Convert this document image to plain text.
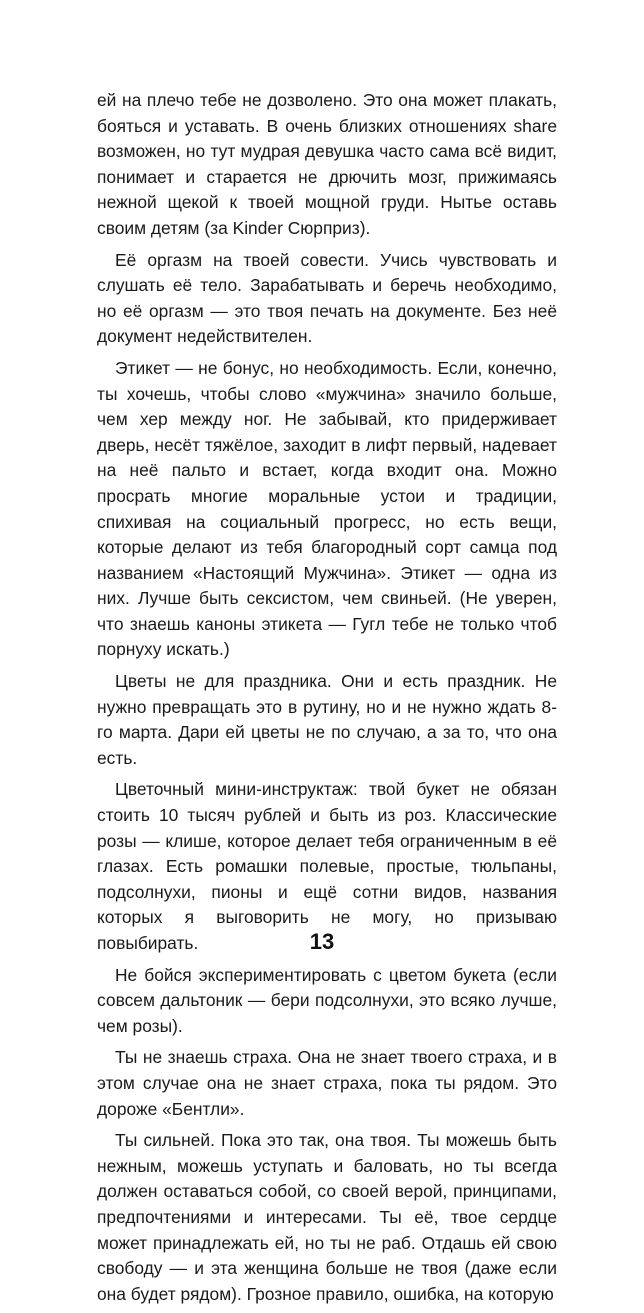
ей на плечо тебе не дозволено. Это она может плакать, бояться и уставать. В очень близких отношениях share возможен, но тут мудрая девушка часто сама всё видит, понимает и старается не дрючить мозг, прижимаясь нежной щекой к твоей мощной груди. Нытье оставь своим детям (за Kinder Сюрприз).

Её оргазм на твоей совести. Учись чувствовать и слушать её тело. Зарабатывать и беречь необходимо, но её оргазм — это твоя печать на документе. Без неё документ недействителен.

Этикет — не бонус, но необходимость. Если, конечно, ты хочешь, чтобы слово «мужчина» значило больше, чем хер между ног. Не забывай, кто придерживает дверь, несёт тяжёлое, заходит в лифт первый, надевает на неё пальто и встает, когда входит она. Можно просрать многие моральные устои и традиции, спихивая на социальный прогресс, но есть вещи, которые делают из тебя благородный сорт самца под названием «Настоящий Мужчина». Этикет — одна из них. Лучше быть сексистом, чем свиньей. (Не уверен, что знаешь каноны этикета — Гугл тебе не только чтоб порнуху искать.)

Цветы не для праздника. Они и есть праздник. Не нужно превращать это в рутину, но и не нужно ждать 8-го марта. Дари ей цветы не по случаю, а за то, что она есть.

Цветочный мини-инструктаж: твой букет не обязан стоить 10 тысяч рублей и быть из роз. Классические розы — клише, которое делает тебя ограниченным в её глазах. Есть ромашки полевые, простые, тюльпаны, подсолнухи, пионы и ещё сотни видов, названия которых я выговорить не могу, но призываю повыбирать.

Не бойся экспериментировать с цветом букета (если совсем дальтоник — бери подсолнухи, это всяко лучше, чем розы).

Ты не знаешь страха. Она не знает твоего страха, и в этом случае она не знает страха, пока ты рядом. Это дороже «Бентли».

Ты сильней. Пока это так, она твоя. Ты можешь быть нежным, можешь уступать и баловать, но ты всегда должен оставаться собой, со своей верой, принципами, предпочтениями и интересами. Ты её, твое сердце может принадлежать ей, но ты не раб. Отдашь ей свою свободу — и эта женщина больше не твоя (даже если она будет рядом). Грозное правило, ошибка, на которую

13
